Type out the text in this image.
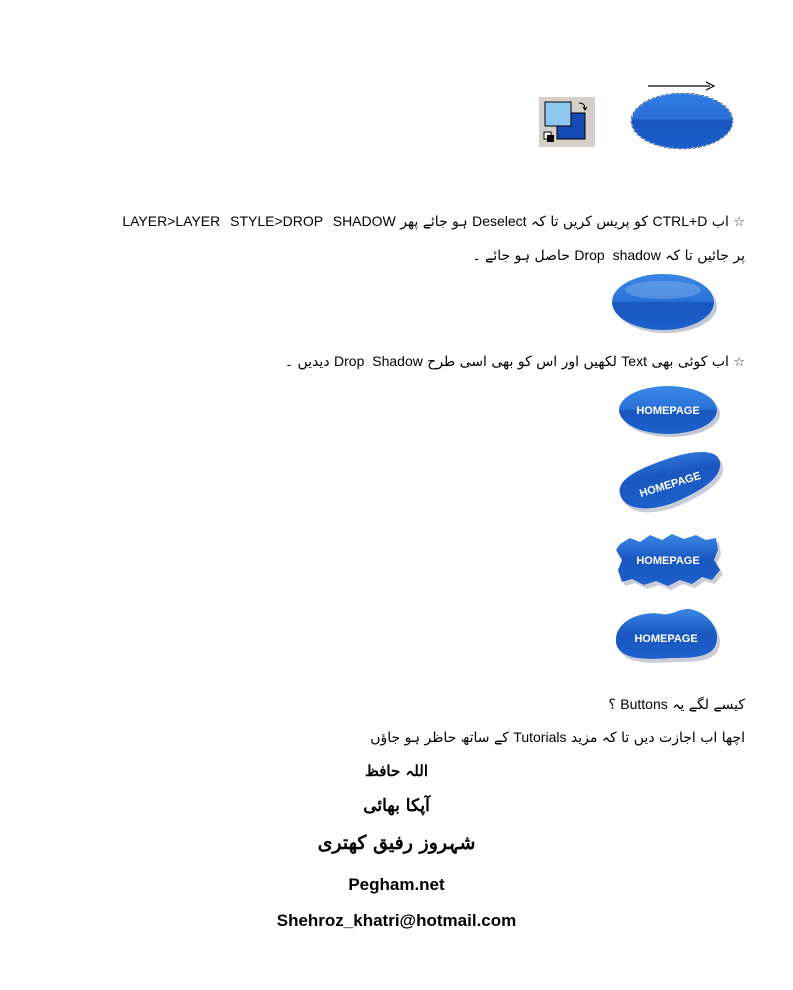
☆ اب CTRL+D کو پریس کریں تا کہ Deselect ہو جائے پھر LAYER>LAYER STYLE>DROP SHADOW
پر جائیں تا کہ Drop shadow حاصل ہو جائے ۔
☆ اب کوئی بھی Text لکھیں اور اس کو بھی اسی طرح Drop Shadow دیدیں ۔
HOMEPAGE
HOMEPAGE
HOMEPAGE
HOMEPAGE
کیسے لگے یہ Buttons ؟
اچھا اب اجازت دیں تا کہ مزید Tutorials کے ساتھ حاظر ہو جاؤں
اللہ حافظ
آپکا بھائی
شہروز رفیق کھتری
Pegham.net
Shehroz_khatri@hotmail.com
